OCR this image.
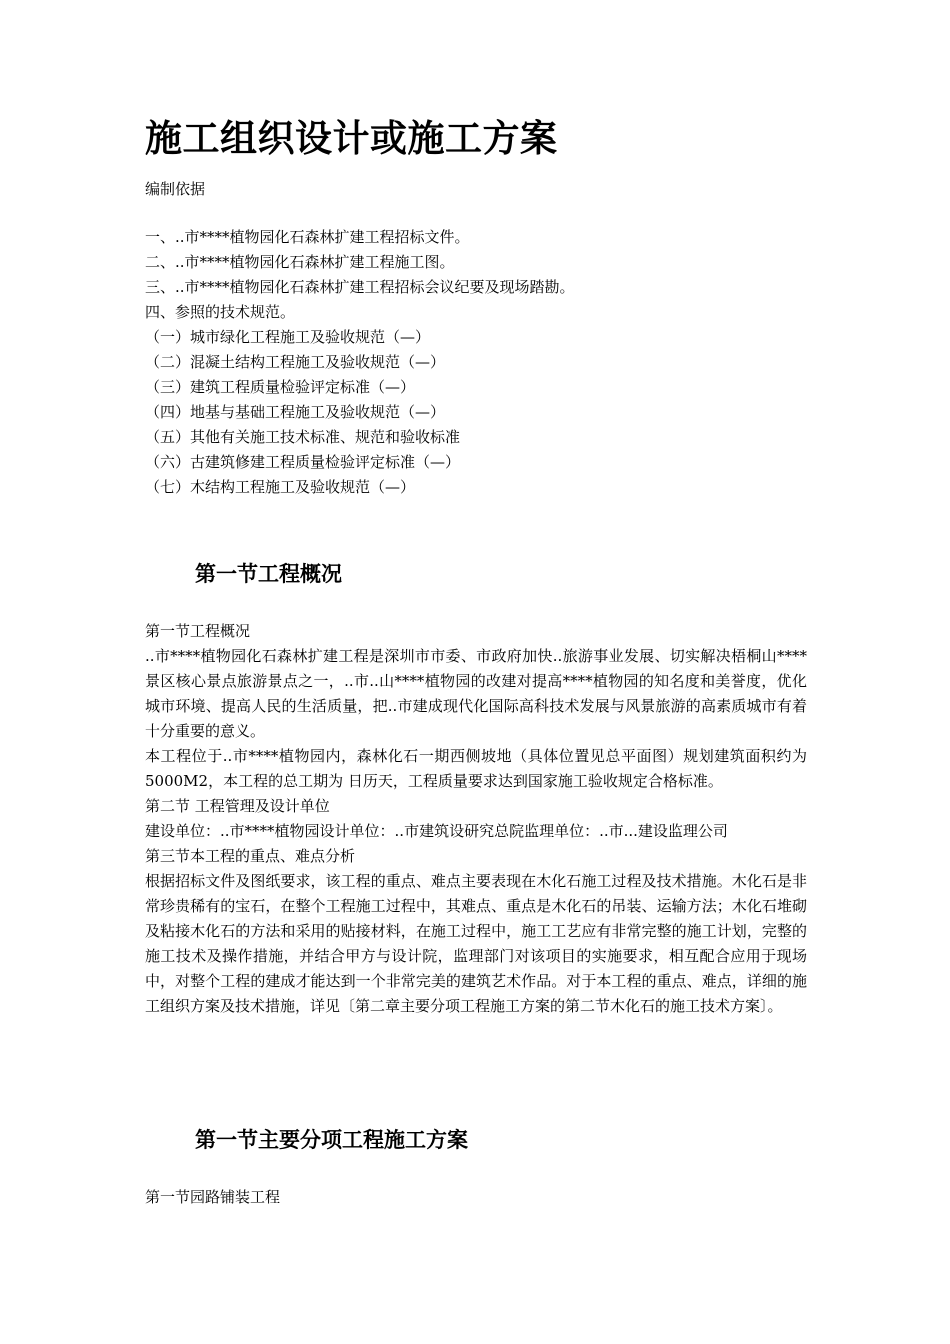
施工组织设计或施工方案
编制依据
一、..市****植物园化石森林扩建工程招标文件。
二、..市****植物园化石森林扩建工程施工图。
三、..市****植物园化石森林扩建工程招标会议纪要及现场踏勘。
四、参照的技术规范。
（一）城市绿化工程施工及验收规范（—）
（二）混凝土结构工程施工及验收规范（—）
（三）建筑工程质量检验评定标准（—）
（四）地基与基础工程施工及验收规范（—）
（五）其他有关施工技术标准、规范和验收标准
（六）古建筑修建工程质量检验评定标准（—）
（七）木结构工程施工及验收规范（—）
第一节工程概况
第一节工程概况
..市****植物园化石森林扩建工程是深圳市市委、市政府加快..旅游事业发展、切实解决梧桐山****景区核心景点旅游景点之一，..市..山****植物园的改建对提高****植物园的知名度和美誉度，优化城市环境、提高人民的生活质量，把..市建成现代化国际高科技术发展与风景旅游的高素质城市有着十分重要的意义。
本工程位于..市****植物园内，森林化石一期西侧坡地（具体位置见总平面图）规划建筑面积约为5000M2，本工程的总工期为 日历天，工程质量要求达到国家施工验收规定合格标准。
第二节 工程管理及设计单位
建设单位：..市****植物园设计单位：..市建筑设研究总院监理单位：..市...建设监理公司
第三节本工程的重点、难点分析
根据招标文件及图纸要求，该工程的重点、难点主要表现在木化石施工过程及技术措施。木化石是非常珍贵稀有的宝石，在整个工程施工过程中，其难点、重点是木化石的吊装、运输方法；木化石堆砌及粘接木化石的方法和采用的贴接材料，在施工过程中，施工工艺应有非常完整的施工计划，完整的施工技术及操作措施，并结合甲方与设计院，监理部门对该项目的实施要求，相互配合应用于现场中，对整个工程的建成才能达到一个非常完美的建筑艺术作品。对于本工程的重点、难点，详细的施工组织方案及技术措施，详见〔第二章主要分项工程施工方案的第二节木化石的施工技术方案〕。
第一节主要分项工程施工方案
第一节园路铺装工程
